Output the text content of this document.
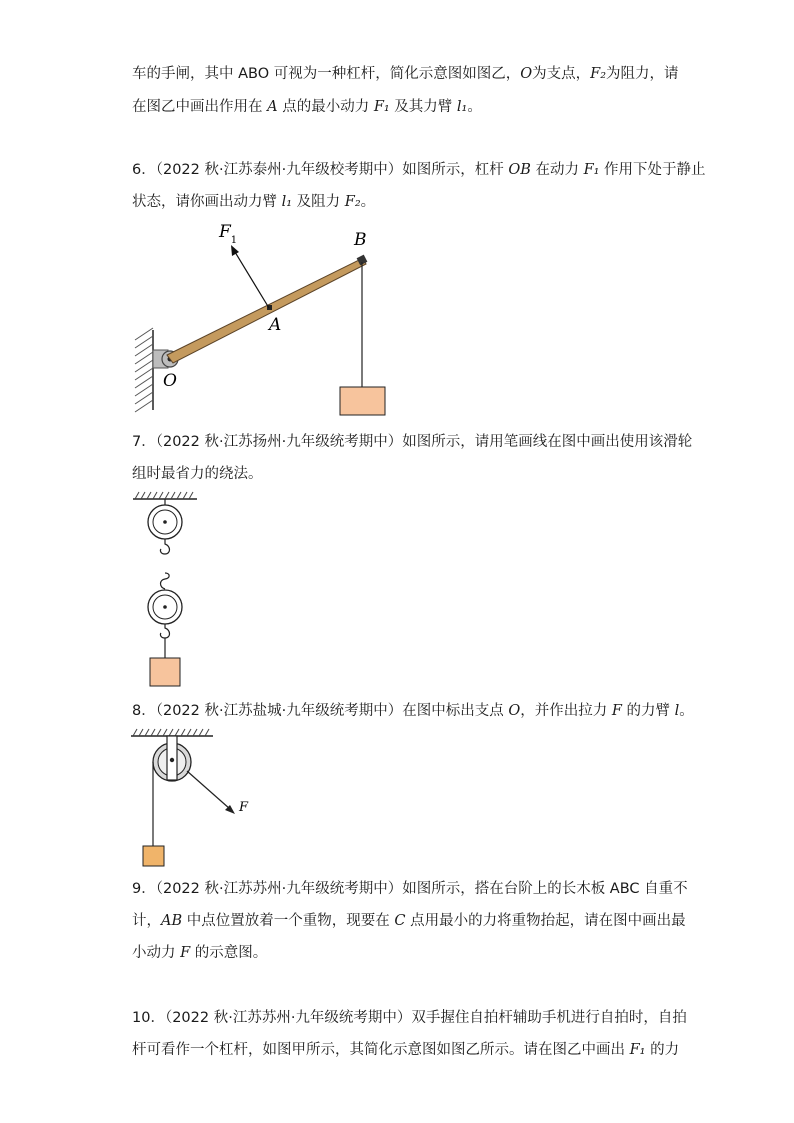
车的手闸，其中 ABO 可视为一种杠杆，简化示意图如图乙，O为支点，F₂为阻力，请
在图乙中画出作用在 A 点的最小动力 F₁ 及其力臂 l₁。
6．（2022 秋·江苏泰州·九年级校考期中）如图所示，杠杆 OB 在动力 F₁ 作用下处于静止
状态，请你画出动力臂 l₁ 及阻力 F₂。
$F_1$	B
A
O
7．（2022 秋·江苏扬州·九年级统考期中）如图所示，请用笔画线在图中画出使用该滑轮
组时最省力的绕法。
8．（2022 秋·江苏盐城·九年级统考期中）在图中标出支点 O，并作出拉力 F 的力臂 l。
F
9．（2022 秋·江苏苏州·九年级统考期中）如图所示，搭在台阶上的长木板 ABC 自重不
计，AB 中点位置放着一个重物，现要在 C 点用最小的力将重物抬起，请在图中画出最
小动力 F 的示意图。
10．（2022 秋·江苏苏州·九年级统考期中）双手握住自拍杆辅助手机进行自拍时，自拍
杆可看作一个杠杆，如图甲所示，其简化示意图如图乙所示。请在图乙中画出 F₁ 的力
